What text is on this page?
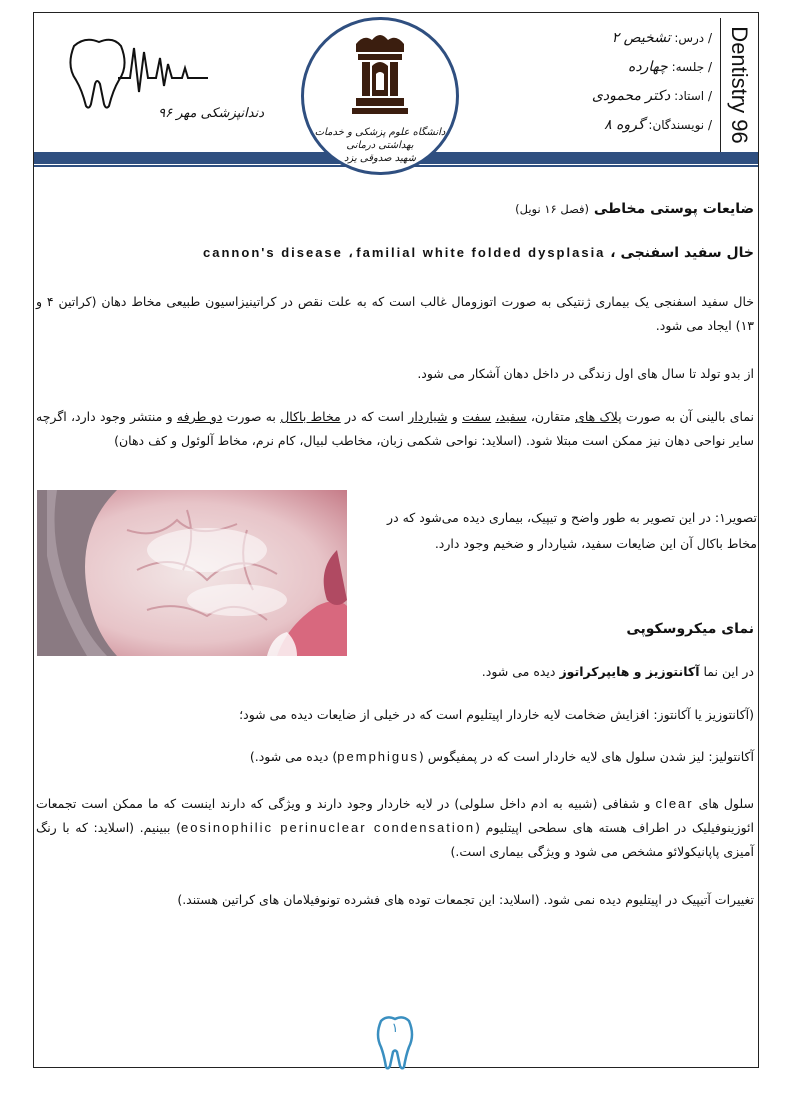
Dentistry 96
/ درس: تشخیص ۲
/ جلسه: چهارده
/ استاد: دکتر محمودی
/ نویسندگان: گروه ۸
دانشگاه علوم پزشکی و خدمات بهداشتی درمانی
شهید صدوقی یزد
دندانپزشکی مهر ۹۶
ضایعات پوستی مخاطی (فصل ۱۶ نویل)
خال سفید اسفنجی ، cannon's disease ، familial white folded dysplasia
خال سفید اسفنجی یک بیماری ژنتیکی به صورت اتوزومال غالب است که به علت نقص در کراتینیزاسیون طبیعی مخاط دهان (کراتین ۴ و ۱۳) ایجاد می شود.
از بدو تولد تا سال های اول زندگی در داخل دهان آشکار می شود.
نمای بالینی آن به صورت پلاک های متقارن، سفید، سفت و شیاردار است که در مخاط باکال به صورت دو طرفه و منتشر وجود دارد، اگرچه سایر نواحی دهان نیز ممکن است مبتلا شود. (اسلاید: نواحی شکمی زبان، مخاطب لبیال، کام نرم، مخاط آلوئول و کف دهان)
تصویر۱: در این تصویر به طور واضح و تیپیک، بیماری دیده می‌شود که در مخاط باکال آن این ضایعات سفید، شیاردار و ضخیم وجود دارد.
نمای میکروسکوپی
در این نما آکانتوزیز و هایپرکراتوز دیده می شود.
(آکانتوزیز یا آکانتوز: افزایش ضخامت لایه خاردار اپیتلیوم است که در خیلی از ضایعات دیده می شود؛
آکانتولیز: لیز شدن سلول های لایه خاردار است که در پمفیگوس (pemphigus) دیده می شود.)
سلول های clear و شفافی (شبیه به ادم داخل سلولی) در لایه خاردار وجود دارند و ویژگی که دارند اینست که ما ممکن است تجمعات ائوزینوفیلیک در اطراف هسته های سطحی اپیتلیوم (eosinophilic perinuclear condensation) ببینیم. (اسلاید: که با رنگ آمیزی پاپانیکولائو مشخص می شود و ویژگی بیماری است.)
تغییرات آتیپیک در اپیتلیوم دیده نمی شود. (اسلاید: این تجمعات توده های فشرده تونوفیلامان های کراتین هستند.)
۱
